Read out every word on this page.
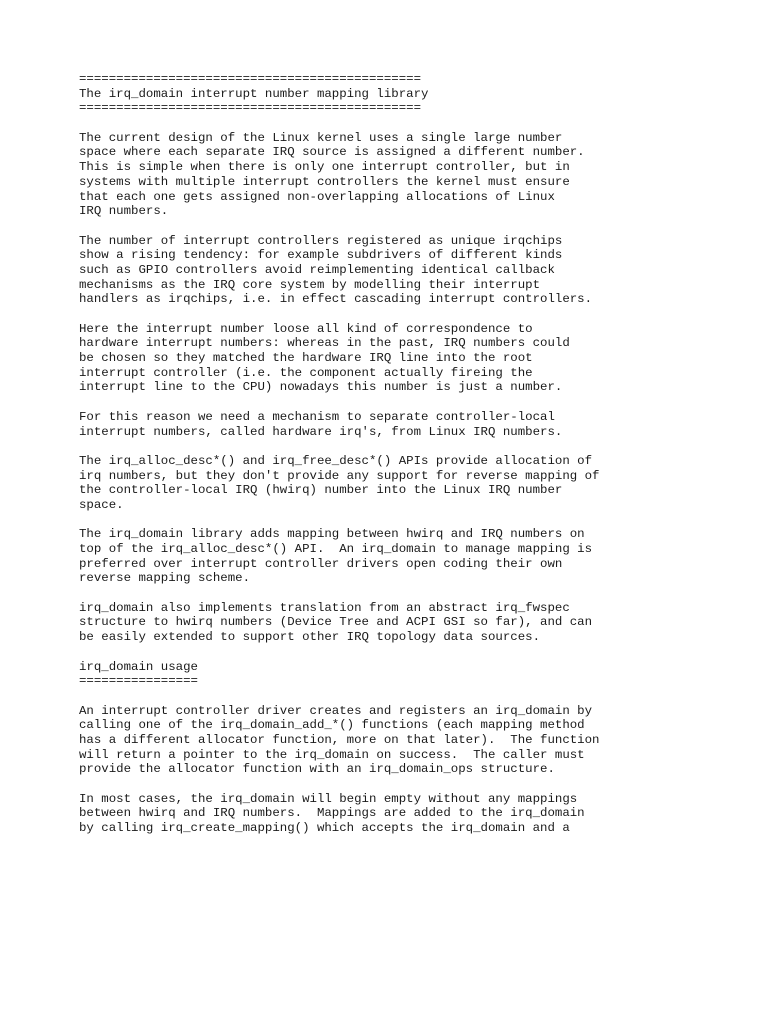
==============================================
The irq_domain interrupt number mapping library
==============================================
The current design of the Linux kernel uses a single large number
space where each separate IRQ source is assigned a different number.
This is simple when there is only one interrupt controller, but in
systems with multiple interrupt controllers the kernel must ensure
that each one gets assigned non-overlapping allocations of Linux
IRQ numbers.
The number of interrupt controllers registered as unique irqchips
show a rising tendency: for example subdrivers of different kinds
such as GPIO controllers avoid reimplementing identical callback
mechanisms as the IRQ core system by modelling their interrupt
handlers as irqchips, i.e. in effect cascading interrupt controllers.
Here the interrupt number loose all kind of correspondence to
hardware interrupt numbers: whereas in the past, IRQ numbers could
be chosen so they matched the hardware IRQ line into the root
interrupt controller (i.e. the component actually fireing the
interrupt line to the CPU) nowadays this number is just a number.
For this reason we need a mechanism to separate controller-local
interrupt numbers, called hardware irq's, from Linux IRQ numbers.
The irq_alloc_desc*() and irq_free_desc*() APIs provide allocation of
irq numbers, but they don't provide any support for reverse mapping of
the controller-local IRQ (hwirq) number into the Linux IRQ number
space.
The irq_domain library adds mapping between hwirq and IRQ numbers on
top of the irq_alloc_desc*() API.  An irq_domain to manage mapping is
preferred over interrupt controller drivers open coding their own
reverse mapping scheme.
irq_domain also implements translation from an abstract irq_fwspec
structure to hwirq numbers (Device Tree and ACPI GSI so far), and can
be easily extended to support other IRQ topology data sources.
irq_domain usage
================
An interrupt controller driver creates and registers an irq_domain by
calling one of the irq_domain_add_*() functions (each mapping method
has a different allocator function, more on that later).  The function
will return a pointer to the irq_domain on success.  The caller must
provide the allocator function with an irq_domain_ops structure.
In most cases, the irq_domain will begin empty without any mappings
between hwirq and IRQ numbers.  Mappings are added to the irq_domain
by calling irq_create_mapping() which accepts the irq_domain and a
